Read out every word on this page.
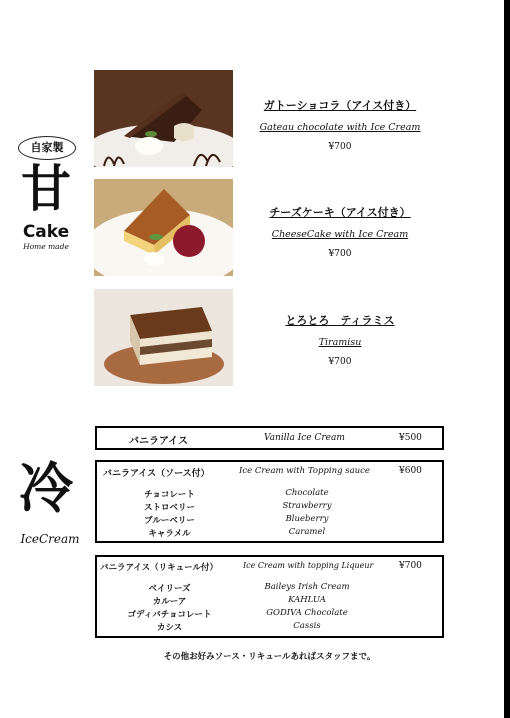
自家製
甘
Cake
Home made
冷
IceCream
ガトーショコラ（アイス付き）
Gateau chocolate with Ice Cream
¥700
チーズケーキ（アイス付き）
CheeseCake with Ice Cream
¥700
とろとろ　ティラミス
Tiramisu
¥700
バニラアイス	Vanilla Ice Cream	¥500
バニラアイス（ソース付）	Ice Cream with Topping sauce	¥600
チョコレート	Chocolate
ストロベリー	Strawberry
ブルーベリー	Blueberry
キャラメル	Caramel
バニラアイス（リキュール付）	Ice Cream with topping Liqueur	¥700
ベイリーズ	Baileys Irish Cream
カルーア	KAHLUA
ゴディバチョコレート	GODIVA Chocolate
カシス	Cassis
その他お好みソース・リキュールあればスタッフまで。
